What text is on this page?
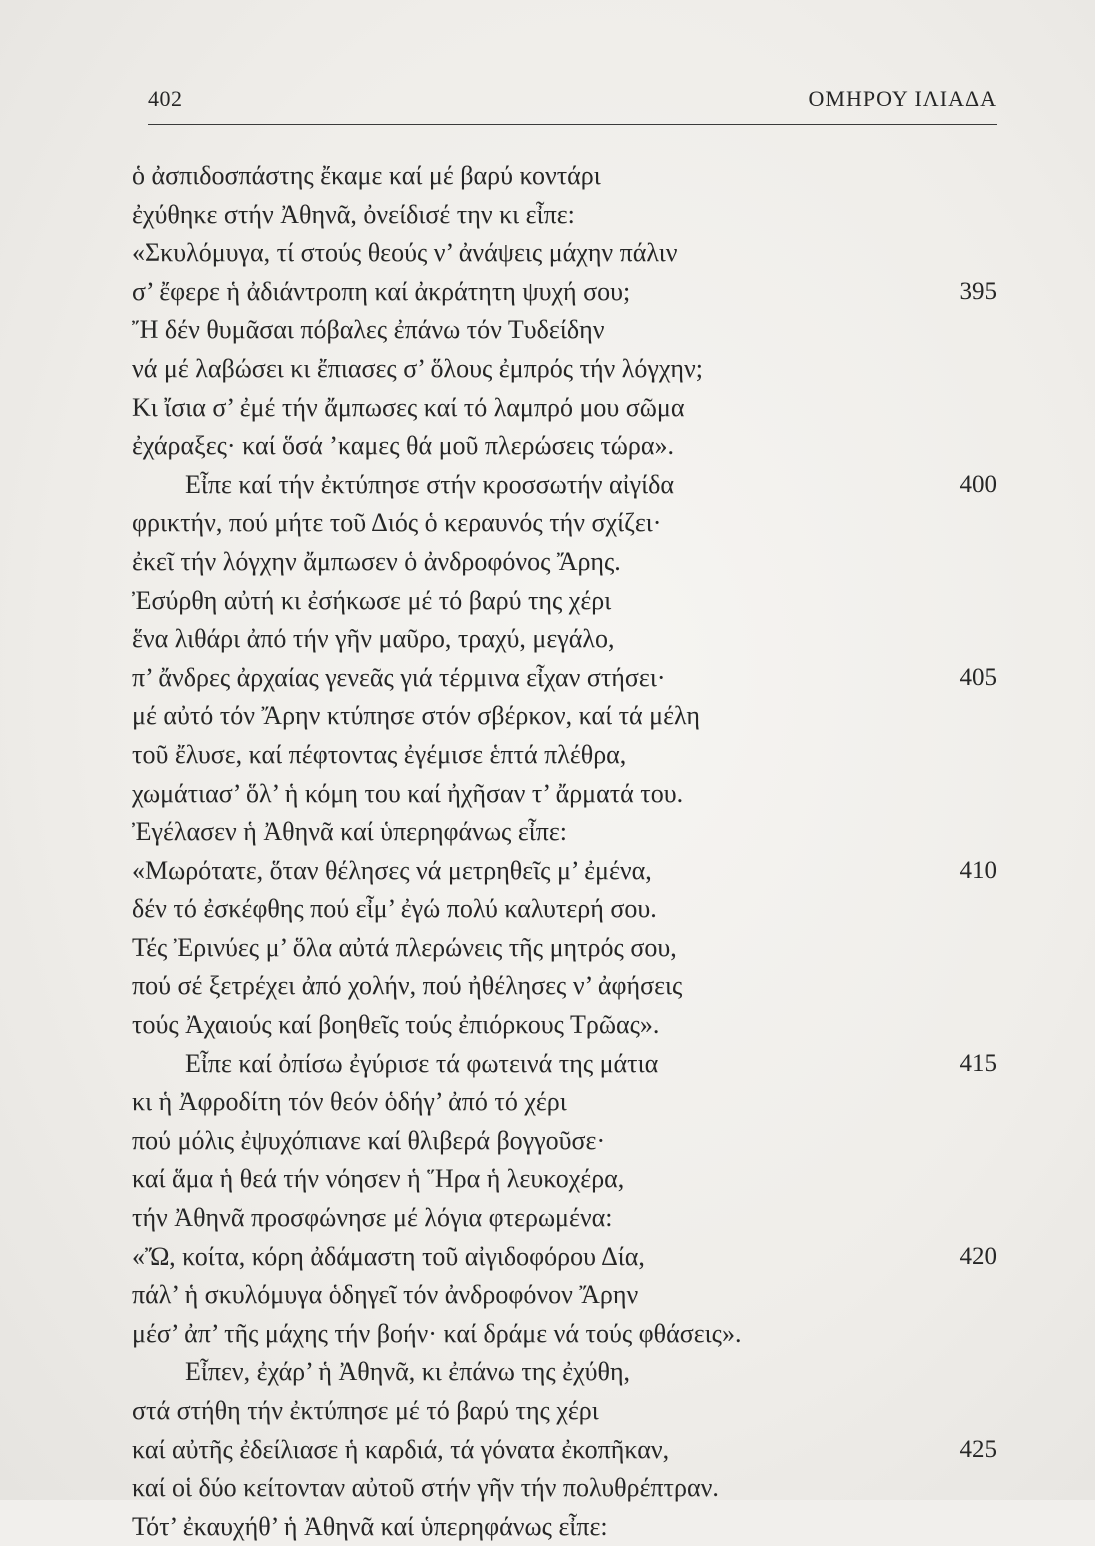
402	ΟΜΗΡΟΥ ΙΛΙΑΔΑ
ὁ ἀσπιδοσπάστης ἔκαμε καί μέ βαρύ κοντάρι
ἐχύθηκε στήν Ἀθηνᾶ, ὀνείδισέ την κι εἶπε:
«Σκυλόμυγα, τί στούς θεούς ν’ ἀνάψεις μάχην πάλιν
σ’ ἔφερε ἡ ἀδιάντροπη καί ἀκράτητη ψυχή σου;	395
Ἤ δέν θυμᾶσαι πόβαλες ἐπάνω τόν Τυδείδην
νά μέ λαβώσει κι ἔπιασες σ’ ὅλους ἐμπρός τήν λόγχην;
Κι ἴσια σ’ ἐμέ τήν ἄμπωσες καί τό λαμπρό μου σῶμα
ἐχάραξες· καί ὅσά ’καμες θά μοῦ πλερώσεις τώρα».
Εἶπε καί τήν ἐκτύπησε στήν κροσσωτήν αἰγίδα	400
φρικτήν, πού μήτε τοῦ Διός ὁ κεραυνός τήν σχίζει·
ἐκεῖ τήν λόγχην ἄμπωσεν ὁ ἀνδροφόνος Ἄρης.
Ἐσύρθη αὐτή κι ἐσήκωσε μέ τό βαρύ της χέρι
ἕνα λιθάρι ἀπό τήν γῆν μαῦρο, τραχύ, μεγάλο,
π’ ἄνδρες ἀρχαίας γενεᾶς γιά τέρμινα εἶχαν στήσει·	405
μέ αὐτό τόν Ἄρην κτύπησε στόν σβέρκον, καί τά μέλη
τοῦ ἔλυσε, καί πέφτοντας ἐγέμισε ἑπτά πλέθρα,
χωμάτιασ’ ὅλ’ ἡ κόμη του καί ἠχῆσαν τ’ ἄρματά του.
Ἐγέλασεν ἡ Ἀθηνᾶ καί ὑπερηφάνως εἶπε:
«Μωρότατε, ὅταν θέλησες νά μετρηθεῖς μ’ ἐμένα,	410
δέν τό ἐσκέφθης πού εἶμ’ ἐγώ πολύ καλυτερή σου.
Τές Ἐρινύες μ’ ὅλα αὐτά πλερώνεις τῆς μητρός σου,
πού σέ ξετρέχει ἀπό χολήν, πού ἠθέλησες ν’ ἀφήσεις
τούς Ἀχαιούς καί βοηθεῖς τούς ἐπιόρκους Τρῶας».
Εἶπε καί ὀπίσω ἐγύρισε τά φωτεινά της μάτια	415
κι ἡ Ἀφροδίτη τόν θεόν ὁδήγ’ ἀπό τό χέρι
πού μόλις ἐψυχόπιανε καί θλιβερά βογγοῦσε·
καί ἅμα ἡ θεά τήν νόησεν ἡ Ἥρα ἡ λευκοχέρα,
τήν Ἀθηνᾶ προσφώνησε μέ λόγια φτερωμένα:
«Ὤ, κοίτα, κόρη ἀδάμαστη τοῦ αἰγιδοφόρου Δία,	420
πάλ’ ἡ σκυλόμυγα ὁδηγεῖ τόν ἀνδροφόνον Ἄρην
μέσ’ ἀπ’ τῆς μάχης τήν βοήν· καί δράμε νά τούς φθάσεις».
Εἶπεν, ἐχάρ’ ἡ Ἀθηνᾶ, κι ἐπάνω της ἐχύθη,
στά στήθη τήν ἐκτύπησε μέ τό βαρύ της χέρι
καί αὐτῆς ἐδείλιασε ἡ καρδιά, τά γόνατα ἐκοπῆκαν,	425
καί οἱ δύο κείτονταν αὐτοῦ στήν γῆν τήν πολυθρέπτραν.
Τότ’ ἐκαυχήθ’ ἡ Ἀθηνᾶ καί ὑπερηφάνως εἶπε:
